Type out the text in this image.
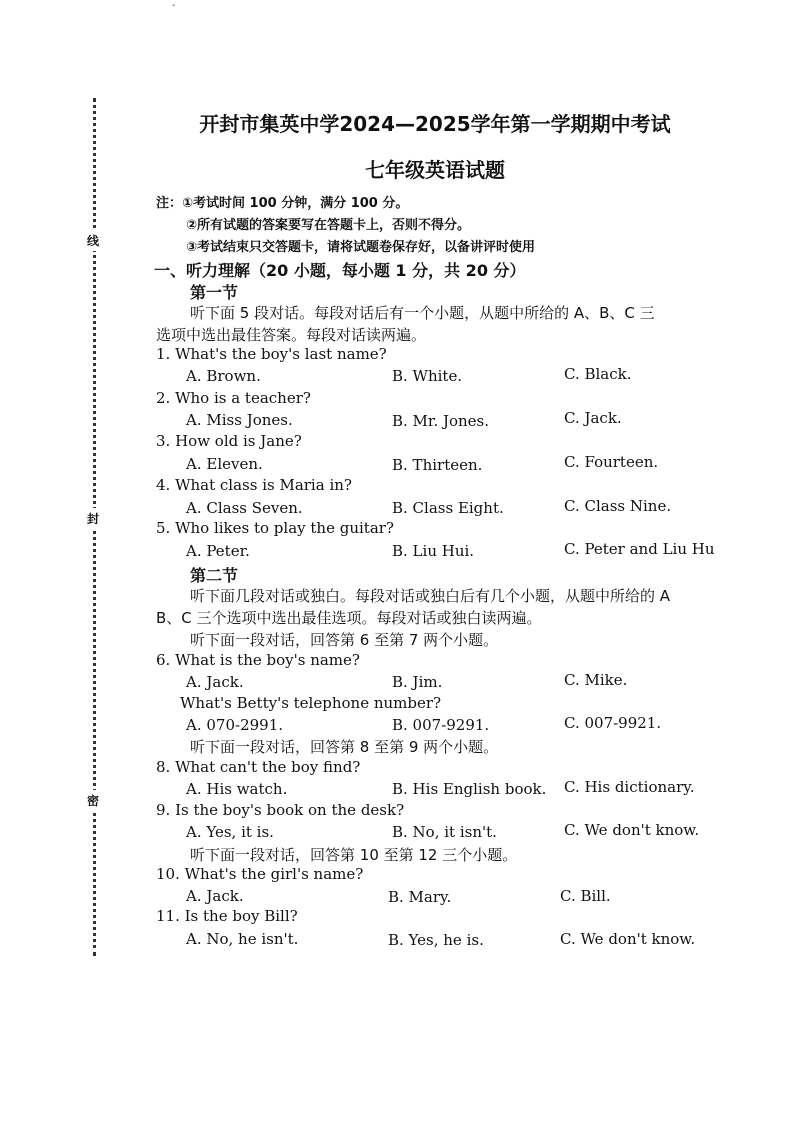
-
线
封
密
开封市集英中学2024—2025学年第一学期期中考试
七年级英语试题
注：①考试时间 100 分钟，满分 100 分。
②所有试题的答案要写在答题卡上，否则不得分。
③考试结束只交答题卡，请将试题卷保存好，以备讲评时使用
一、听力理解（20 小题，每小题 1 分，共 20 分）
第一节
听下面 5 段对话。每段对话后有一个小题，从题中所给的 A、B、C 三
选项中选出最佳答案。每段对话读两遍。
1. What's the boy's last name?
A. Brown.	B. White.	C. Black.
2. Who is a teacher?
A. Miss Jones.	B. Mr. Jones.	C. Jack.
3. How old is Jane?
A. Eleven.	B. Thirteen.	C. Fourteen.
4. What class is Maria in?
A. Class Seven.	B. Class Eight.	C. Class Nine.
5. Who likes to play the guitar?
A. Peter.	B. Liu Hui.	C. Peter and Liu Hu
第二节
听下面几段对话或独白。每段对话或独白后有几个小题，从题中所给的 A
B、C 三个选项中选出最佳选项。每段对话或独白读两遍。
听下面一段对话，回答第 6 至第 7 两个小题。
6. What is the boy's name?
A. Jack.	B. Jim.	C. Mike.
What's Betty's telephone number?
A. 070-2991.	B. 007-9291.	C. 007-9921.
听下面一段对话，回答第 8 至第 9 两个小题。
8. What can't the boy find?
A. His watch.	B. His English book. C. His dictionary.
9. Is the boy's book on the desk?
A. Yes, it is.	B. No, it isn't.	C. We don't know.
听下面一段对话，回答第 10 至第 12 三个小题。
10. What's the girl's name?
A. Jack.	B. Mary.	C. Bill.
11. Is the boy Bill?
A. No, he isn't.	B. Yes, he is.	C. We don't know.
